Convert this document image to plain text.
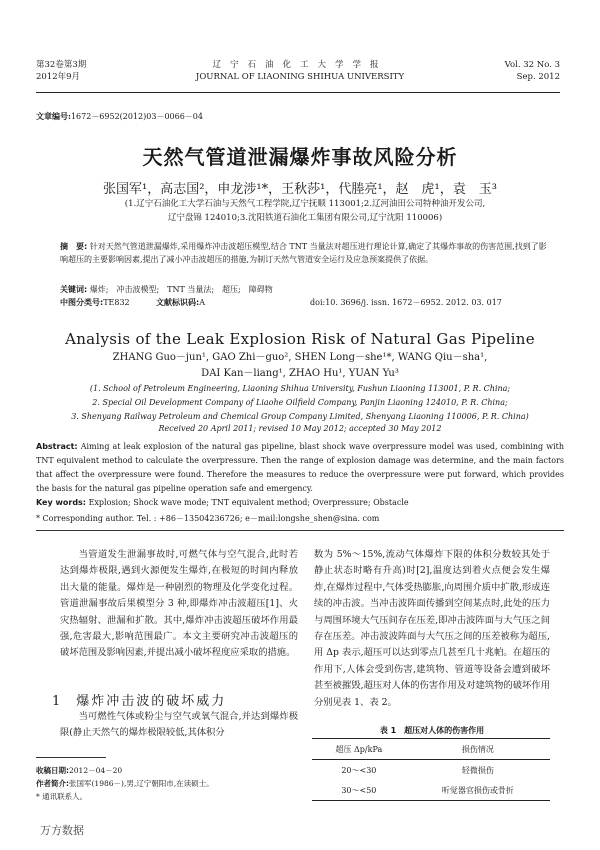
第32卷第3期
2012年9月
辽宁石油化工大学学报
JOURNAL OF LIAONING SHIHUA UNIVERSITY
Vol. 32 No. 3
Sep. 2012
文章编号:1672－6952(2012)03－0066－04
天然气管道泄漏爆炸事故风险分析
张国军¹，高志国²，申龙涉¹*，王秋莎¹，代塍亮¹，赵　虎¹，袁　玉³
(1.辽宁石油化工大学石油与天然气工程学院,辽宁抚顺 113001;2.辽河油田公司特种油开发公司,
辽宁盘锦 124010;3.沈阳铁道石油化工集团有限公司,辽宁沈阳 110006)
摘　要: 针对天然气管道泄漏爆炸,采用爆炸冲击波超压模型,结合 TNT 当量法对超压进行理论计算,确定了其爆炸事故的伤害范围,找到了影响超压的主要影响因素,提出了减小冲击波超压的措施,为制订天然气管道安全运行及应急预案提供了依据。
关键词: 爆炸;　冲击波模型;　TNT 当量法;　超压;　障碍物
中图分类号:TE832	文献标识码:A	doi:10. 3696/j. issn. 1672－6952. 2012. 03. 017
Analysis of the Leak Explosion Risk of Natural Gas Pipeline
ZHANG Guo－jun¹, GAO Zhi－guo², SHEN Long－she¹*, WANG Qiu－sha¹,
DAI Kan－liang¹, ZHAO Hu¹, YUAN Yu³
(1. School of Petroleum Engineering, Liaoning Shihua University, Fushun Liaoning 113001, P. R. China;
2. Special Oil Development Company of Liaohe Oilfield Company, Panjin Liaoning 124010, P. R. China;
3. Shenyang Railway Petroleum and Chemical Group Company Limited, Shenyang Liaoning 110006, P. R. China)
Received 20 April 2011; revised 10 May 2012; accepted 30 May 2012
Abstract: Aiming at leak explosion of the natural gas pipeline, blast shock wave overpressure model was used, combining with TNT equivalent method to calculate the overpressure. Then the range of explosion damage was determine, and the main factors that affect the overpressure were found. Therefore the measures to reduce the overpressure were put forward, which provides the basis for the natural gas pipeline operation safe and emergency.
Key words: Explosion; Shock wave mode; TNT equivalent method; Overpressure; Obstacle
* Corresponding author. Tel. : +86－13504236726; e－mail:longshe_shen@sina. com

当管道发生泄漏事故时,可燃气体与空气混合,此时若达到爆炸极限,遇到火源便发生爆炸,在极短的时间内释放出大量的能量。爆炸是一种剧烈的物理及化学变化过程。管道泄漏事故后果模型分 3 种,即爆炸冲击波超压[1]、火灾热辐射、泄漏和扩散。其中,爆炸冲击波超压破坏作用最强,危害最大,影响范围最广。本文主要研究冲击波超压的破坏范围及影响因素,并提出减小破坏程度应采取的措施。

1 爆炸冲击波的破坏威力

当可燃性气体或粉尘与空气或氧气混合,并达到爆炸极限(静止天然气的爆炸极限较低,其体积分

收稿日期:2012－04－20
作者简介:张国军(1986－),男,辽宁朝阳市,在读硕士。
* 通讯联系人。

数为 5%～15%,流动气体爆炸下限的体积分数较其处于静止状态时略有升高)时[2],温度达到着火点便会发生爆炸,在爆炸过程中,气体受热膨胀,向周围介质中扩散,形成连续的冲击波。当冲击波阵面传播到空间某点时,此处的压力与周围环境大气压间存在压差,即冲击波阵面与大气压之间存在压差。冲击波波阵面与大气压之间的压差被称为超压,用 Δp 表示,超压可以达到零点几甚至几十兆帕。在超压的作用下,人体会受到伤害,建筑物、管道等设备会遭到破坏甚至被摧毁,超压对人体的伤害作用及对建筑物的破坏作用分别见表 1、表 2。

表 1　 超压对人体的伤害作用
超压 Δp/kPa	损伤情况
20～<30	轻微损伤
30～<50	听觉器官损伤或骨折
万方数据
